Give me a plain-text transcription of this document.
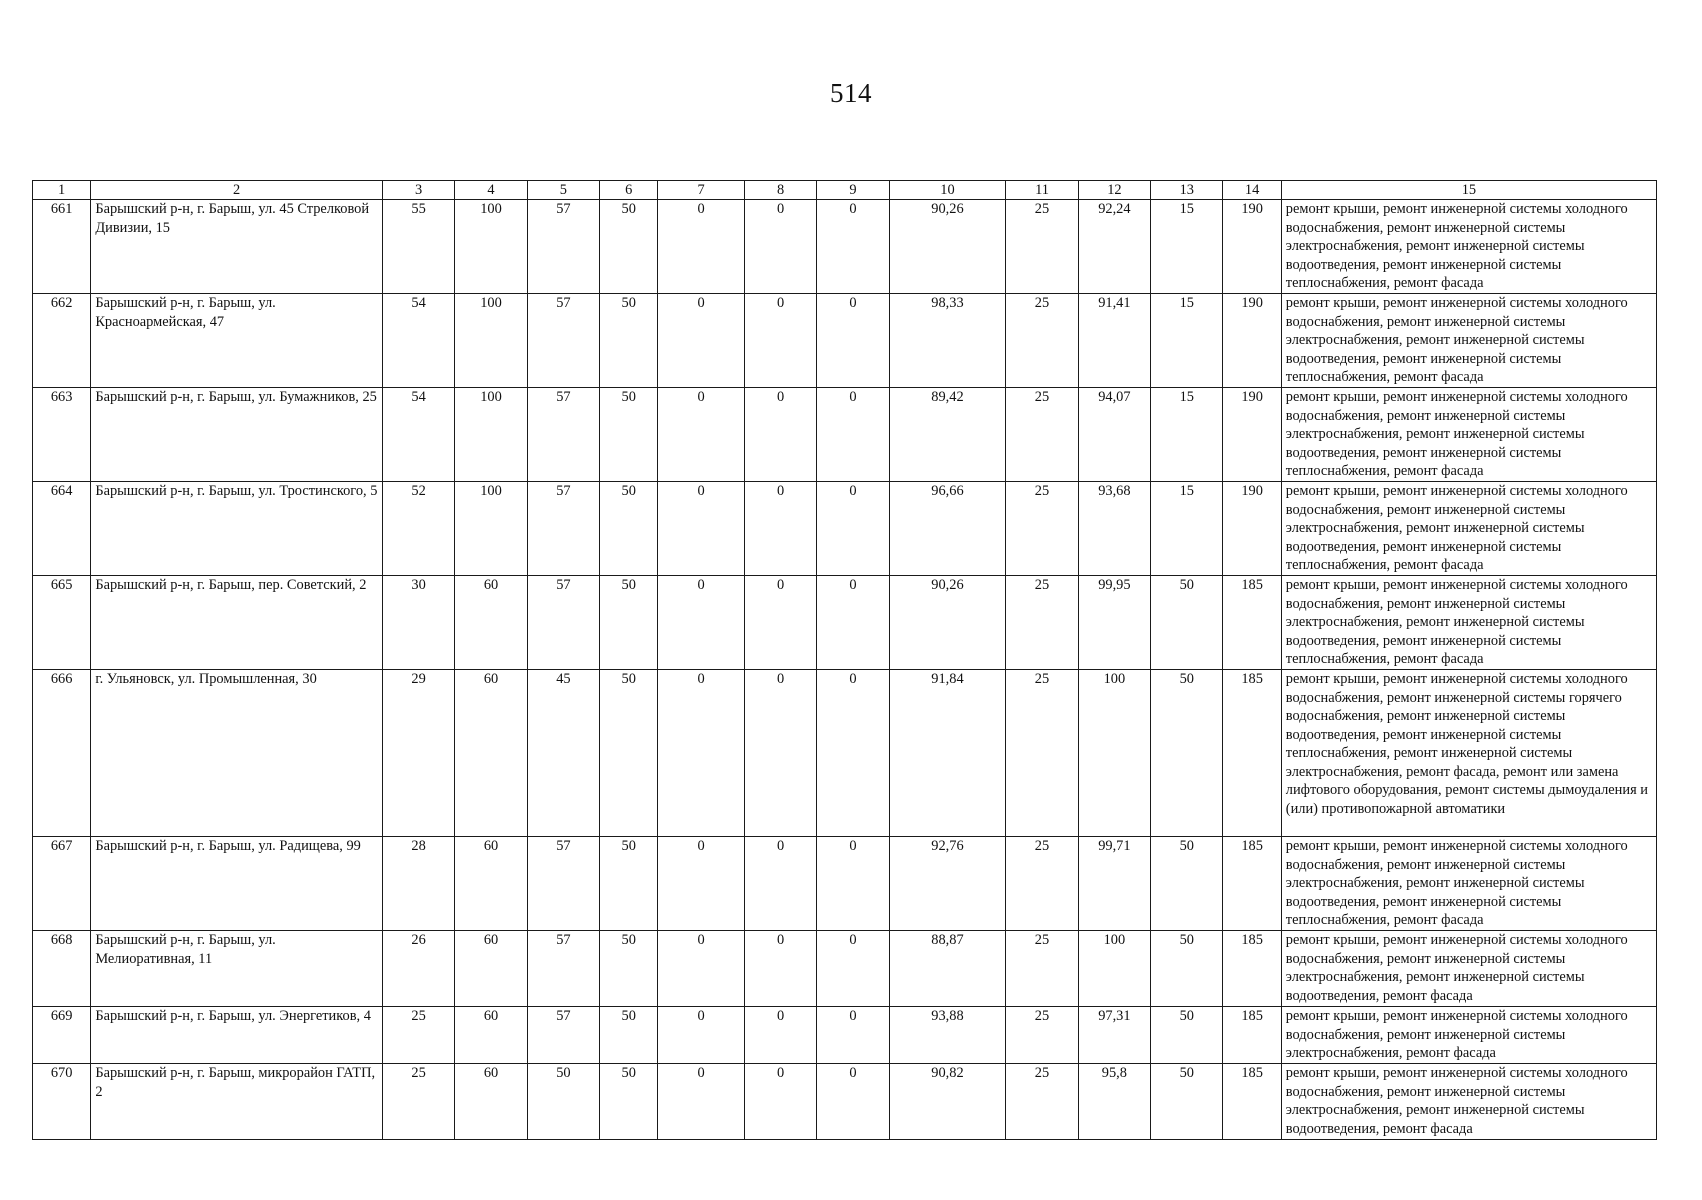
514
1	2	3	4	5	6	7	8	9	10	11	12	13	14	15
661	Барышский р-н, г. Барыш, ул. 45 Стрелковой Дивизии, 15	55	100	57	50	0	0	0	90,26	25	92,24	15	190	ремонт крыши, ремонт инженерной системы холодного водоснабжения, ремонт инженерной системы электроснабжения, ремонт инженерной системы водоотведения, ремонт инженерной системы теплоснабжения, ремонт фасада
662	Барышский р-н, г. Барыш, ул. Красноармейская, 47	54	100	57	50	0	0	0	98,33	25	91,41	15	190	ремонт крыши, ремонт инженерной системы холодного водоснабжения, ремонт инженерной системы электроснабжения, ремонт инженерной системы водоотведения, ремонт инженерной системы теплоснабжения, ремонт фасада
663	Барышский р-н, г. Барыш, ул. Бумажников, 25	54	100	57	50	0	0	0	89,42	25	94,07	15	190	ремонт крыши, ремонт инженерной системы холодного водоснабжения, ремонт инженерной системы электроснабжения, ремонт инженерной системы водоотведения, ремонт инженерной системы теплоснабжения, ремонт фасада
664	Барышский р-н, г. Барыш, ул. Тростинского, 5	52	100	57	50	0	0	0	96,66	25	93,68	15	190	ремонт крыши, ремонт инженерной системы холодного водоснабжения, ремонт инженерной системы электроснабжения, ремонт инженерной системы водоотведения, ремонт инженерной системы теплоснабжения, ремонт фасада
665	Барышский р-н, г. Барыш, пер. Советский, 2	30	60	57	50	0	0	0	90,26	25	99,95	50	185	ремонт крыши, ремонт инженерной системы холодного водоснабжения, ремонт инженерной системы электроснабжения, ремонт инженерной системы водоотведения, ремонт инженерной системы теплоснабжения, ремонт фасада
666	г. Ульяновск, ул. Промышленная, 30	29	60	45	50	0	0	0	91,84	25	100	50	185	ремонт крыши, ремонт инженерной системы холодного водоснабжения, ремонт инженерной системы горячего водоснабжения, ремонт инженерной системы водоотведения, ремонт инженерной системы теплоснабжения, ремонт инженерной системы электроснабжения, ремонт фасада, ремонт или замена лифтового оборудования, ремонт системы дымоудаления и (или) противопожарной автоматики
667	Барышский р-н, г. Барыш, ул. Радищева, 99	28	60	57	50	0	0	0	92,76	25	99,71	50	185	ремонт крыши, ремонт инженерной системы холодного водоснабжения, ремонт инженерной системы электроснабжения, ремонт инженерной системы водоотведения, ремонт инженерной системы теплоснабжения, ремонт фасада
668	Барышский р-н, г. Барыш, ул. Мелиоративная, 11	26	60	57	50	0	0	0	88,87	25	100	50	185	ремонт крыши, ремонт инженерной системы холодного водоснабжения, ремонт инженерной системы электроснабжения, ремонт инженерной системы водоотведения, ремонт фасада
669	Барышский р-н, г. Барыш, ул. Энергетиков, 4	25	60	57	50	0	0	0	93,88	25	97,31	50	185	ремонт крыши, ремонт инженерной системы холодного водоснабжения, ремонт инженерной системы электроснабжения, ремонт фасада
670	Барышский р-н, г. Барыш, микрорайон ГАТП, 2	25	60	50	50	0	0	0	90,82	25	95,8	50	185	ремонт крыши, ремонт инженерной системы холодного водоснабжения, ремонт инженерной системы электроснабжения, ремонт инженерной системы водоотведения, ремонт фасада
